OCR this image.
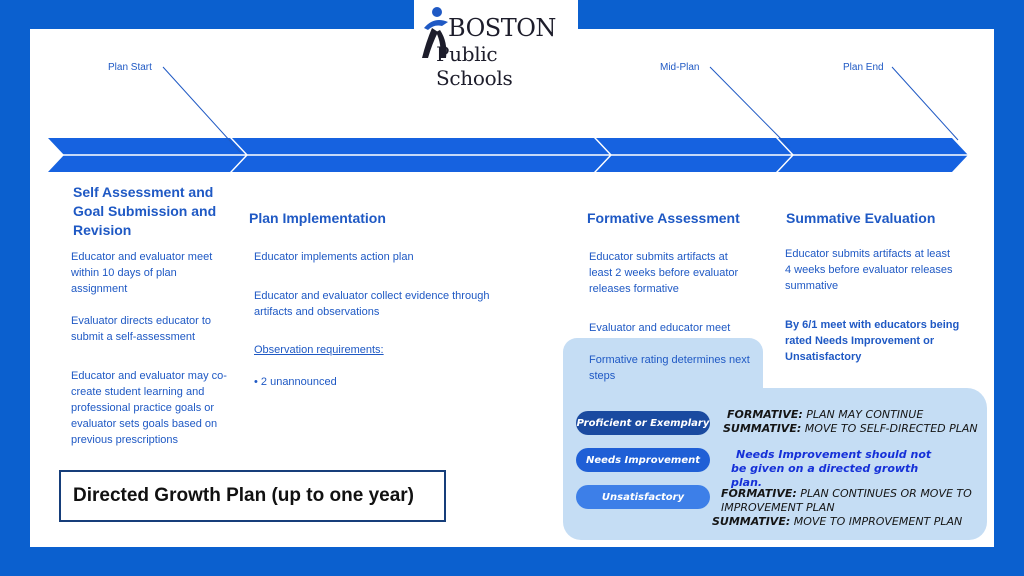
BOSTON
Public Schools
Plan Start	Mid-Plan	Plan End
Self Assessment and Goal Submission and Revision
Educator and evaluator meet within 10 days of plan assignment
Evaluator directs educator to submit a self-assessment
Educator and evaluator may co-create student learning and professional practice goals or evaluator sets goals based on previous prescriptions
Plan Implementation
Educator implements action plan
Educator and evaluator collect evidence through artifacts and observations
Observation requirements:
• 2 unannounced
Formative Assessment
Educator submits artifacts at least 2 weeks before evaluator releases formative
Evaluator and educator meet
Formative rating determines next steps
Summative Evaluation
Educator submits artifacts at least 4 weeks before evaluator releases summative
By 6/1 meet with educators being rated Needs Improvement or Unsatisfactory
Proficient or Exemplary
Needs Improvement
Unsatisfactory
FORMATIVE: PLAN MAY CONTINUE
SUMMATIVE: MOVE TO SELF-DIRECTED PLAN
Needs Improvement should not be given on a directed growth plan.
FORMATIVE: PLAN CONTINUES OR MOVE TO IMPROVEMENT PLAN
SUMMATIVE: MOVE TO IMPROVEMENT PLAN
Directed Growth Plan (up to one year)
